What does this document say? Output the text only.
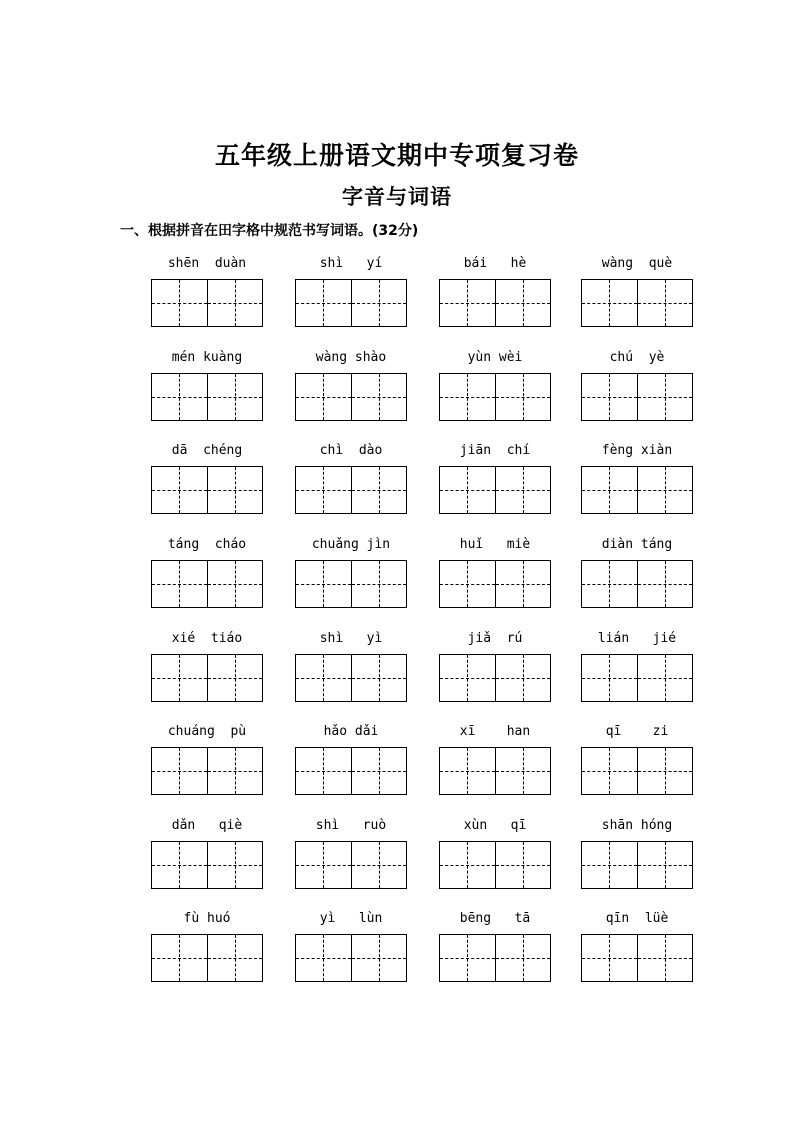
五年级上册语文期中专项复习卷
字音与词语
一、根据拼音在田字格中规范书写词语。(32分)
shēn  duàn	shì   yí	bái   hè	wàng  què
mén kuàng	wàng shào	yùn wèi	chú  yè
dā  chéng	chì  dào	jiān  chí	fèng xiàn
táng  cháo	chuǎng jìn	huǐ   miè	diàn táng
xié  tiáo	shì   yì	jiǎ  rú	lián   jié
chuáng  pù	hǎo dǎi	xī    han	qī    zi
dǎn   qiè	shì   ruò	xùn   qī	shān hóng
fù huó	yì   lùn	bēng   tā	qīn  lüè
